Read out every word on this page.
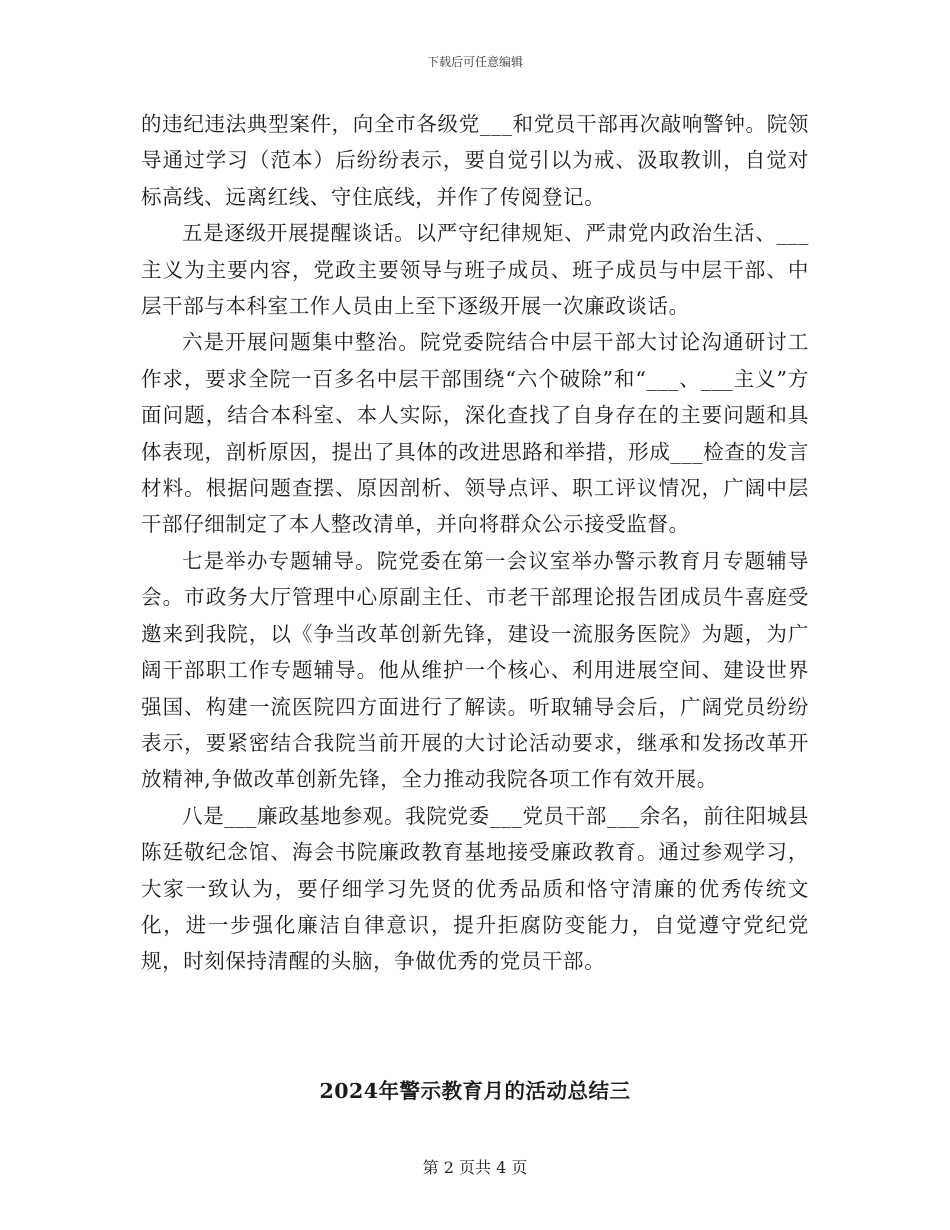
下载后可任意编辑

的违纪违法典型案件，向全市各级党___和党员干部再次敲响警钟。院领导通过学习（范本）后纷纷表示，要自觉引以为戒、汲取教训，自觉对标高线、远离红线、守住底线，并作了传阅登记。

五是逐级开展提醒谈话。以严守纪律规矩、严肃党内政治生活、___主义为主要内容，党政主要领导与班子成员、班子成员与中层干部、中层干部与本科室工作人员由上至下逐级开展一次廉政谈话。

六是开展问题集中整治。院党委院结合中层干部大讨论沟通研讨工作求，要求全院一百多名中层干部围绕“六个破除”和“___、___主义”方面问题，结合本科室、本人实际，深化查找了自身存在的主要问题和具体表现，剖析原因，提出了具体的改进思路和举措，形成___检查的发言材料。根据问题查摆、原因剖析、领导点评、职工评议情况，广阔中层干部仔细制定了本人整改清单，并向将群众公示接受监督。

七是举办专题辅导。院党委在第一会议室举办警示教育月专题辅导会。市政务大厅管理中心原副主任、市老干部理论报告团成员牛喜庭受邀来到我院，以《争当改革创新先锋，建设一流服务医院》为题，为广阔干部职工作专题辅导。他从维护一个核心、利用进展空间、建设世界强国、构建一流医院四方面进行了解读。听取辅导会后，广阔党员纷纷表示，要紧密结合我院当前开展的大讨论活动要求，继承和发扬改革开放精神,争做改革创新先锋，全力推动我院各项工作有效开展。

八是___廉政基地参观。我院党委___党员干部___余名，前往阳城县陈廷敬纪念馆、海会书院廉政教育基地接受廉政教育。通过参观学习，大家一致认为，要仔细学习先贤的优秀品质和恪守清廉的优秀传统文化，进一步强化廉洁自律意识，提升拒腐防变能力，自觉遵守党纪党规，时刻保持清醒的头脑，争做优秀的党员干部。

2024年警示教育月的活动总结三
第 2 页共 4 页
